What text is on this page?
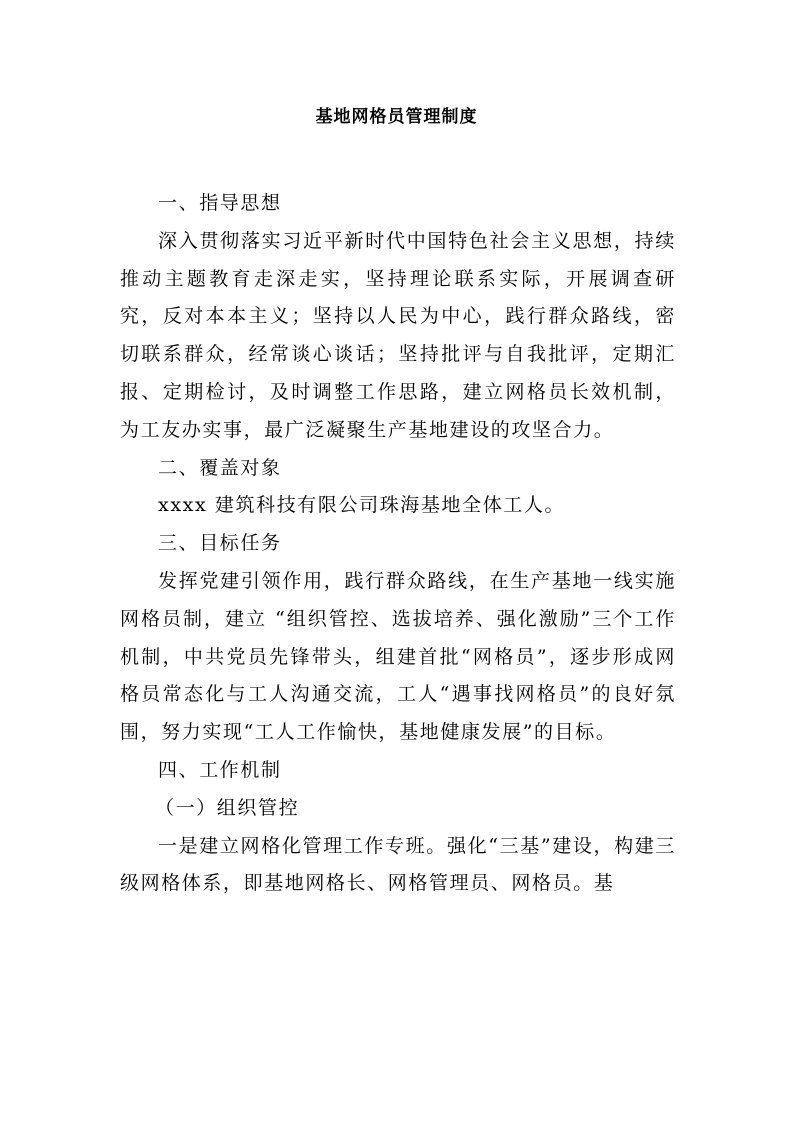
基地网格员管理制度

一、指导思想

深入贯彻落实习近平新时代中国特色社会主义思想，持续推动主题教育走深走实，坚持理论联系实际，开展调查研究，反对本本主义；坚持以人民为中心，践行群众路线，密切联系群众，经常谈心谈话；坚持批评与自我批评，定期汇报、定期检讨，及时调整工作思路，建立网格员长效机制，为工友办实事，最广泛凝聚生产基地建设的攻坚合力。

二、覆盖对象

xxxx 建筑科技有限公司珠海基地全体工人。

三、目标任务

发挥党建引领作用，践行群众路线，在生产基地一线实施网格员制，建立 “组织管控、选拔培养、强化激励”三个工作机制，中共党员先锋带头，组建首批“网格员”，逐步形成网格员常态化与工人沟通交流，工人“遇事找网格员”的良好氛围，努力实现“工人工作愉快，基地健康发展”的目标。

四、工作机制

（一）组织管控

一是建立网格化管理工作专班。强化“三基”建设，构建三级网格体系，即基地网格长、网格管理员、网格员。基
